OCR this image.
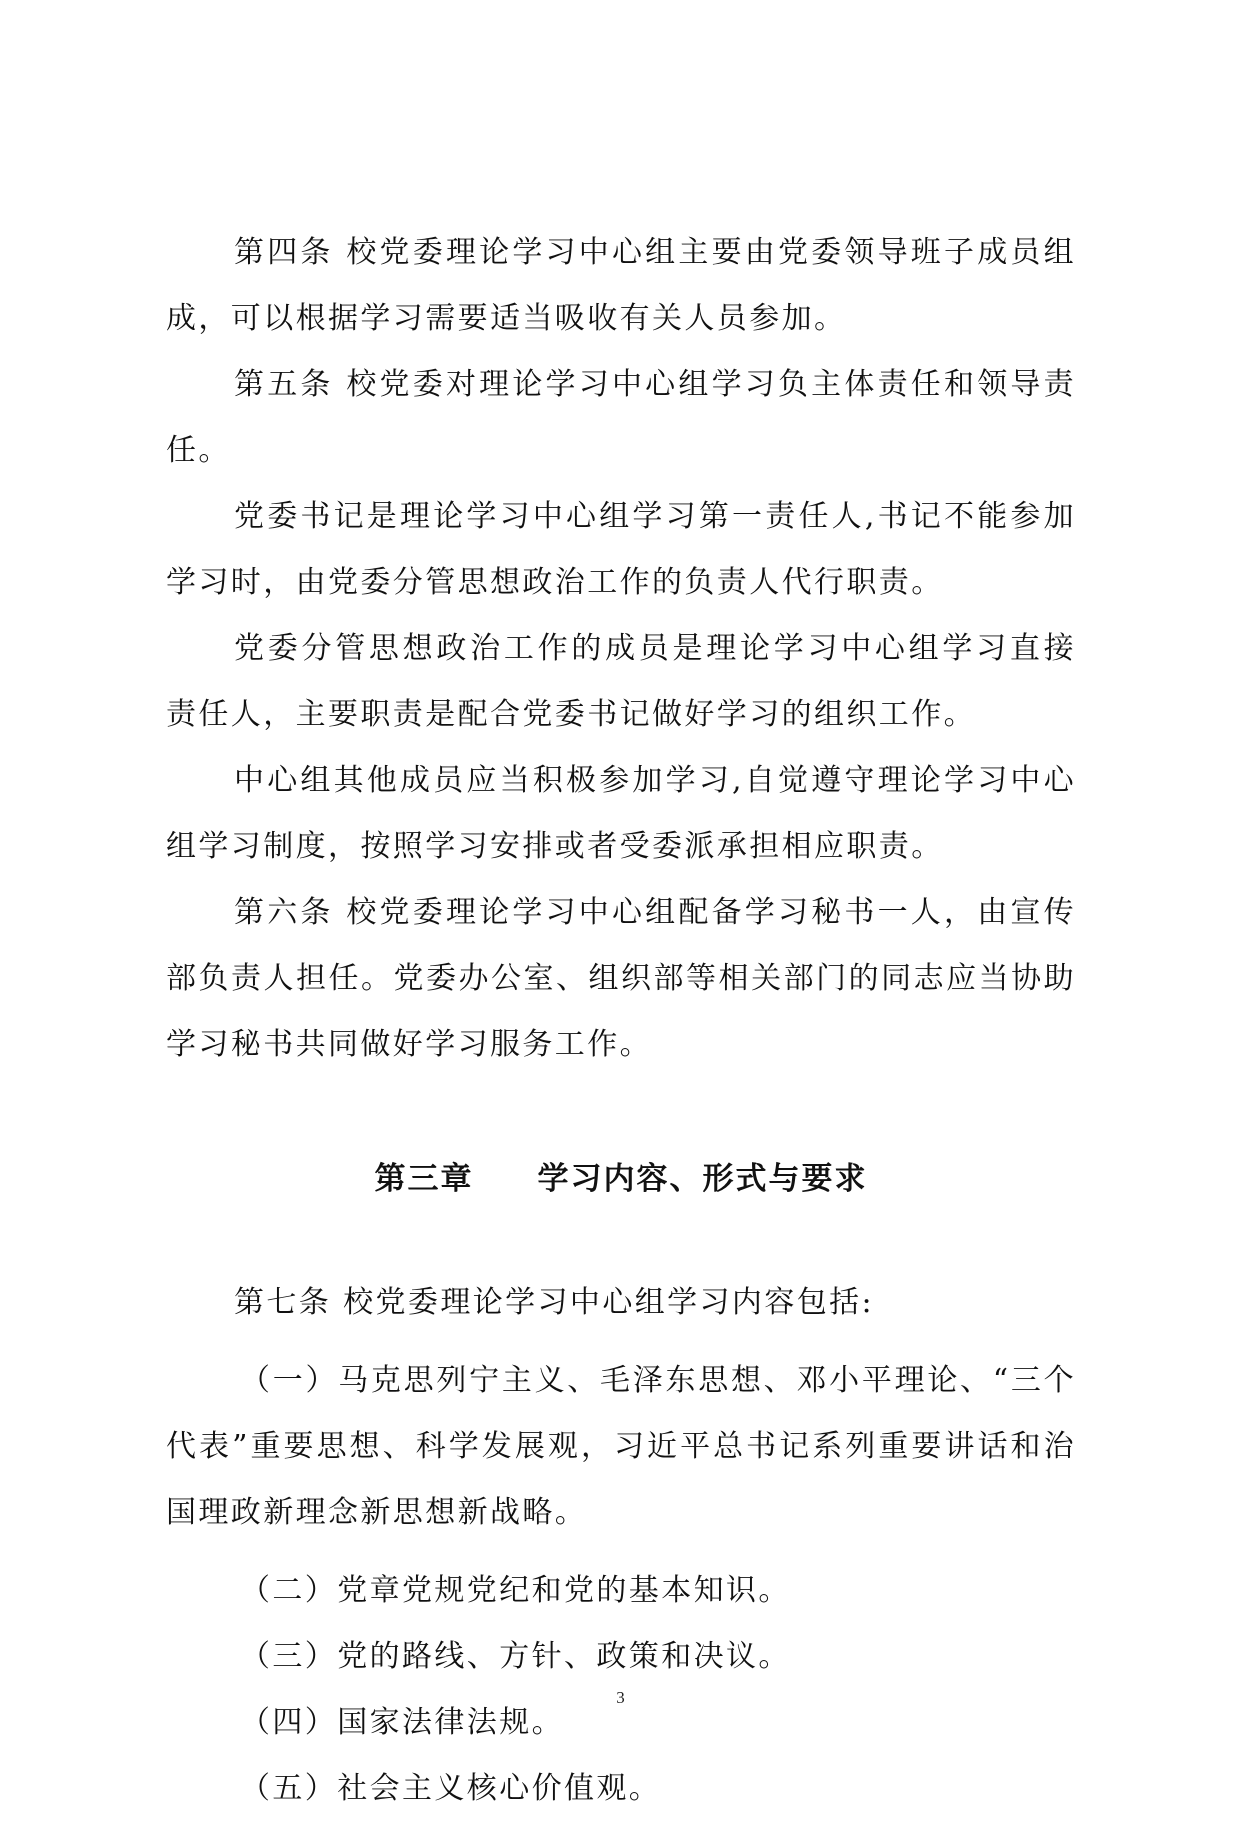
第四条 校党委理论学习中心组主要由党委领导班子成员组成，可以根据学习需要适当吸收有关人员参加。

第五条 校党委对理论学习中心组学习负主体责任和领导责任。

党委书记是理论学习中心组学习第一责任人,书记不能参加学习时，由党委分管思想政治工作的负责人代行职责。

党委分管思想政治工作的成员是理论学习中心组学习直接责任人，主要职责是配合党委书记做好学习的组织工作。

中心组其他成员应当积极参加学习,自觉遵守理论学习中心组学习制度，按照学习安排或者受委派承担相应职责。

第六条 校党委理论学习中心组配备学习秘书一人，由宣传部负责人担任。党委办公室、组织部等相关部门的同志应当协助学习秘书共同做好学习服务工作。

第三章 学习内容、形式与要求

第七条 校党委理论学习中心组学习内容包括:

（一）马克思列宁主义、毛泽东思想、邓小平理论、“三个代表”重要思想、科学发展观，习近平总书记系列重要讲话和治国理政新理念新思想新战略。

（二）党章党规党纪和党的基本知识。

（三）党的路线、方针、政策和决议。

（四）国家法律法规。

（五）社会主义核心价值观。

3
